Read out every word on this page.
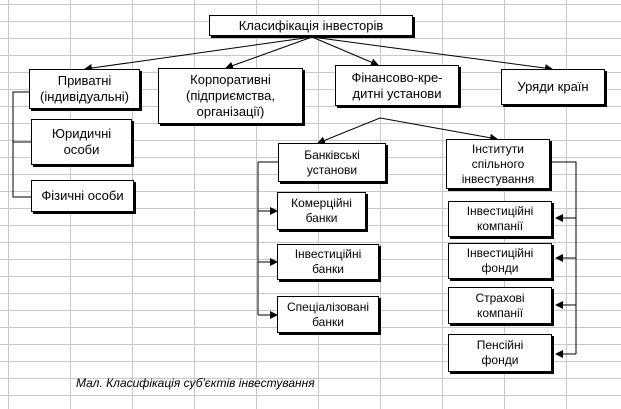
Класифікація інвесторів
Приватні
(індивідуальні)
Юридичні
особи
Фізичні особи
Корпоративні
(підприємства,
організації)
Фінансово-кре-
дитні установи	Уряди країн
Банківські
установи
Комерційні
банки
Інвестиційні
банки
Спеціалізовані
банки
Інститути
спільного
інвестування
Інвестиційні
компанії
Інвестиційні
фонди
Страхові
компанії
Пенсійні
фонди
Мал. Класифікація суб'єктів інвестування
